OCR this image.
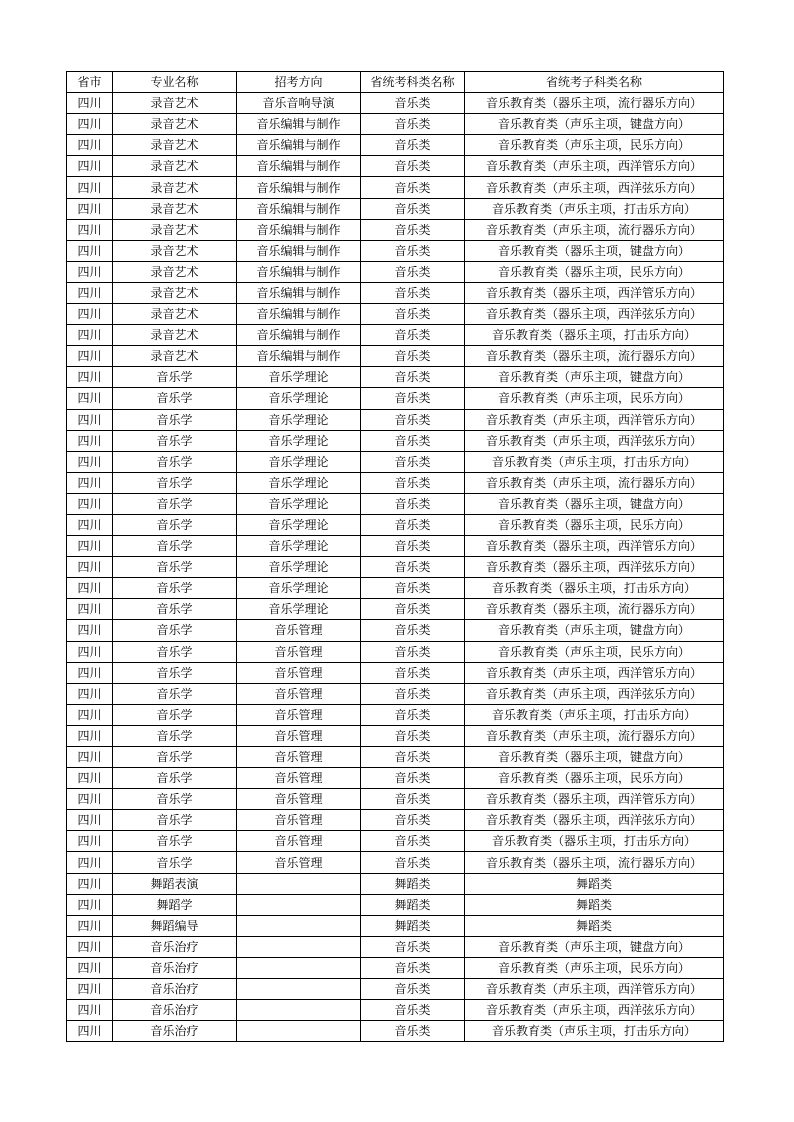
省市	专业名称	招考方向	省统考科类名称	省统考子科类名称
四川	录音艺术	音乐音响导演	音乐类	音乐教育类（器乐主项，流行器乐方向）
四川	录音艺术	音乐编辑与制作	音乐类	音乐教育类（声乐主项，键盘方向）
四川	录音艺术	音乐编辑与制作	音乐类	音乐教育类（声乐主项，民乐方向）
四川	录音艺术	音乐编辑与制作	音乐类	音乐教育类（声乐主项，西洋管乐方向）
四川	录音艺术	音乐编辑与制作	音乐类	音乐教育类（声乐主项，西洋弦乐方向）
四川	录音艺术	音乐编辑与制作	音乐类	音乐教育类（声乐主项，打击乐方向）
四川	录音艺术	音乐编辑与制作	音乐类	音乐教育类（声乐主项，流行器乐方向）
四川	录音艺术	音乐编辑与制作	音乐类	音乐教育类（器乐主项，键盘方向）
四川	录音艺术	音乐编辑与制作	音乐类	音乐教育类（器乐主项，民乐方向）
四川	录音艺术	音乐编辑与制作	音乐类	音乐教育类（器乐主项，西洋管乐方向）
四川	录音艺术	音乐编辑与制作	音乐类	音乐教育类（器乐主项，西洋弦乐方向）
四川	录音艺术	音乐编辑与制作	音乐类	音乐教育类（器乐主项，打击乐方向）
四川	录音艺术	音乐编辑与制作	音乐类	音乐教育类（器乐主项，流行器乐方向）
四川	音乐学	音乐学理论	音乐类	音乐教育类（声乐主项，键盘方向）
四川	音乐学	音乐学理论	音乐类	音乐教育类（声乐主项，民乐方向）
四川	音乐学	音乐学理论	音乐类	音乐教育类（声乐主项，西洋管乐方向）
四川	音乐学	音乐学理论	音乐类	音乐教育类（声乐主项，西洋弦乐方向）
四川	音乐学	音乐学理论	音乐类	音乐教育类（声乐主项，打击乐方向）
四川	音乐学	音乐学理论	音乐类	音乐教育类（声乐主项，流行器乐方向）
四川	音乐学	音乐学理论	音乐类	音乐教育类（器乐主项，键盘方向）
四川	音乐学	音乐学理论	音乐类	音乐教育类（器乐主项，民乐方向）
四川	音乐学	音乐学理论	音乐类	音乐教育类（器乐主项，西洋管乐方向）
四川	音乐学	音乐学理论	音乐类	音乐教育类（器乐主项，西洋弦乐方向）
四川	音乐学	音乐学理论	音乐类	音乐教育类（器乐主项，打击乐方向）
四川	音乐学	音乐学理论	音乐类	音乐教育类（器乐主项，流行器乐方向）
四川	音乐学	音乐管理	音乐类	音乐教育类（声乐主项，键盘方向）
四川	音乐学	音乐管理	音乐类	音乐教育类（声乐主项，民乐方向）
四川	音乐学	音乐管理	音乐类	音乐教育类（声乐主项，西洋管乐方向）
四川	音乐学	音乐管理	音乐类	音乐教育类（声乐主项，西洋弦乐方向）
四川	音乐学	音乐管理	音乐类	音乐教育类（声乐主项，打击乐方向）
四川	音乐学	音乐管理	音乐类	音乐教育类（声乐主项，流行器乐方向）
四川	音乐学	音乐管理	音乐类	音乐教育类（器乐主项，键盘方向）
四川	音乐学	音乐管理	音乐类	音乐教育类（器乐主项，民乐方向）
四川	音乐学	音乐管理	音乐类	音乐教育类（器乐主项，西洋管乐方向）
四川	音乐学	音乐管理	音乐类	音乐教育类（器乐主项，西洋弦乐方向）
四川	音乐学	音乐管理	音乐类	音乐教育类（器乐主项，打击乐方向）
四川	音乐学	音乐管理	音乐类	音乐教育类（器乐主项，流行器乐方向）
四川	舞蹈表演		舞蹈类	舞蹈类
四川	舞蹈学		舞蹈类	舞蹈类
四川	舞蹈编导		舞蹈类	舞蹈类
四川	音乐治疗		音乐类	音乐教育类（声乐主项，键盘方向）
四川	音乐治疗		音乐类	音乐教育类（声乐主项，民乐方向）
四川	音乐治疗		音乐类	音乐教育类（声乐主项，西洋管乐方向）
四川	音乐治疗		音乐类	音乐教育类（声乐主项，西洋弦乐方向）
四川	音乐治疗		音乐类	音乐教育类（声乐主项，打击乐方向）
